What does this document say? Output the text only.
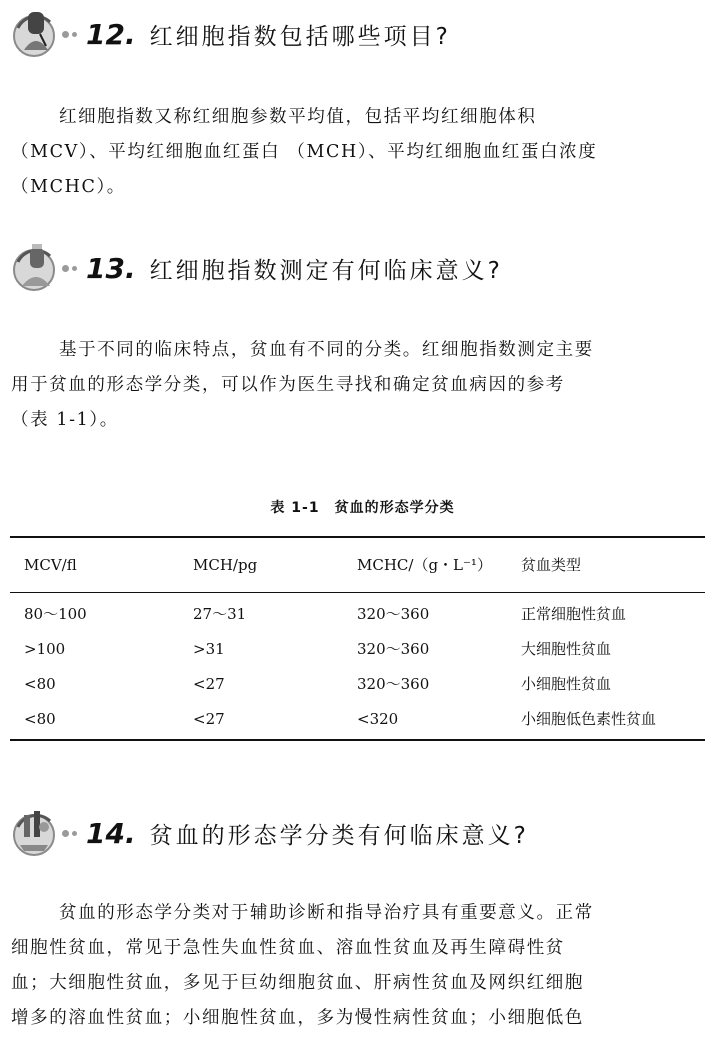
12. 红细胞指数包括哪些项目?
红细胞指数又称红细胞参数平均值，包括平均红细胞体积
（MCV）、平均红细胞血红蛋白 （MCH）、平均红细胞血红蛋白浓度
（MCHC）。
13. 红细胞指数测定有何临床意义?
基于不同的临床特点，贫血有不同的分类。红细胞指数测定主要
用于贫血的形态学分类，可以作为医生寻找和确定贫血病因的参考
（表 1-1）。
表 1-1　贫血的形态学分类
MCV/fl	MCH/pg	MCHC/（g・L⁻¹） 贫血类型
80～100	27～31	320～360	正常细胞性贫血
>100	>31	320～360	大细胞性贫血
<80	<27	320～360	小细胞性贫血
<80	<27	<320	小细胞低色素性贫血
14. 贫血的形态学分类有何临床意义?
贫血的形态学分类对于辅助诊断和指导治疗具有重要意义。正常
细胞性贫血，常见于急性失血性贫血、溶血性贫血及再生障碍性贫
血；大细胞性贫血，多见于巨幼细胞贫血、肝病性贫血及网织红细胞
增多的溶血性贫血；小细胞性贫血，多为慢性病性贫血；小细胞低色
